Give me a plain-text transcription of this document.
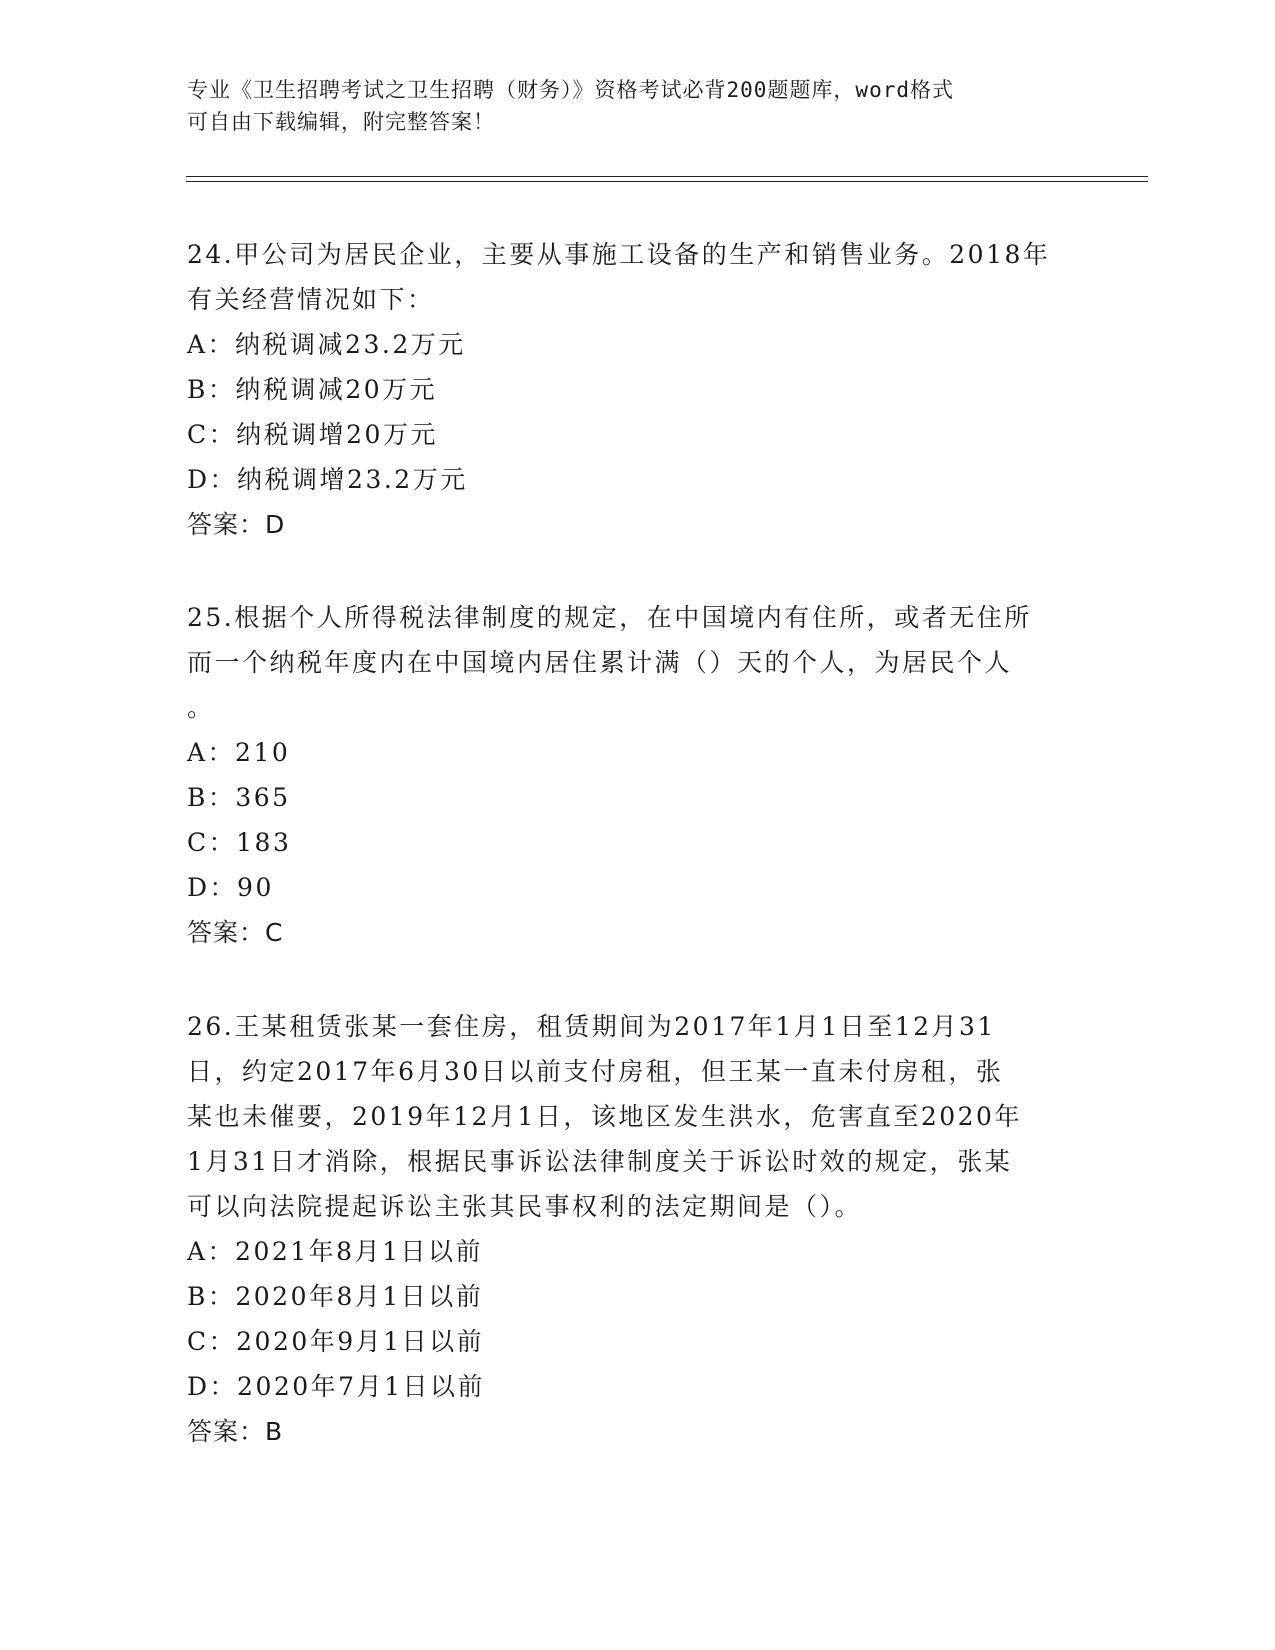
专业《卫生招聘考试之卫生招聘（财务）》资格考试必背200题题库，word格式
可自由下载编辑，附完整答案！
24.甲公司为居民企业，主要从事施工设备的生产和销售业务。2018年
有关经营情况如下：
A：纳税调减23.2万元
B：纳税调减20万元
C：纳税调增20万元
D：纳税调增23.2万元
答案：D
25.根据个人所得税法律制度的规定，在中国境内有住所，或者无住所
而一个纳税年度内在中国境内居住累计满（）天的个人，为居民个人
。
A：210
B：365
C：183
D：90
答案：C
26.王某租赁张某一套住房，租赁期间为2017年1月1日至12月31
日，约定2017年6月30日以前支付房租，但王某一直未付房租，张
某也未催要，2019年12月1日，该地区发生洪水，危害直至2020年
1月31日才消除，根据民事诉讼法律制度关于诉讼时效的规定，张某
可以向法院提起诉讼主张其民事权利的法定期间是（）。
A：2021年8月1日以前
B：2020年8月1日以前
C：2020年9月1日以前
D：2020年7月1日以前
答案：B
